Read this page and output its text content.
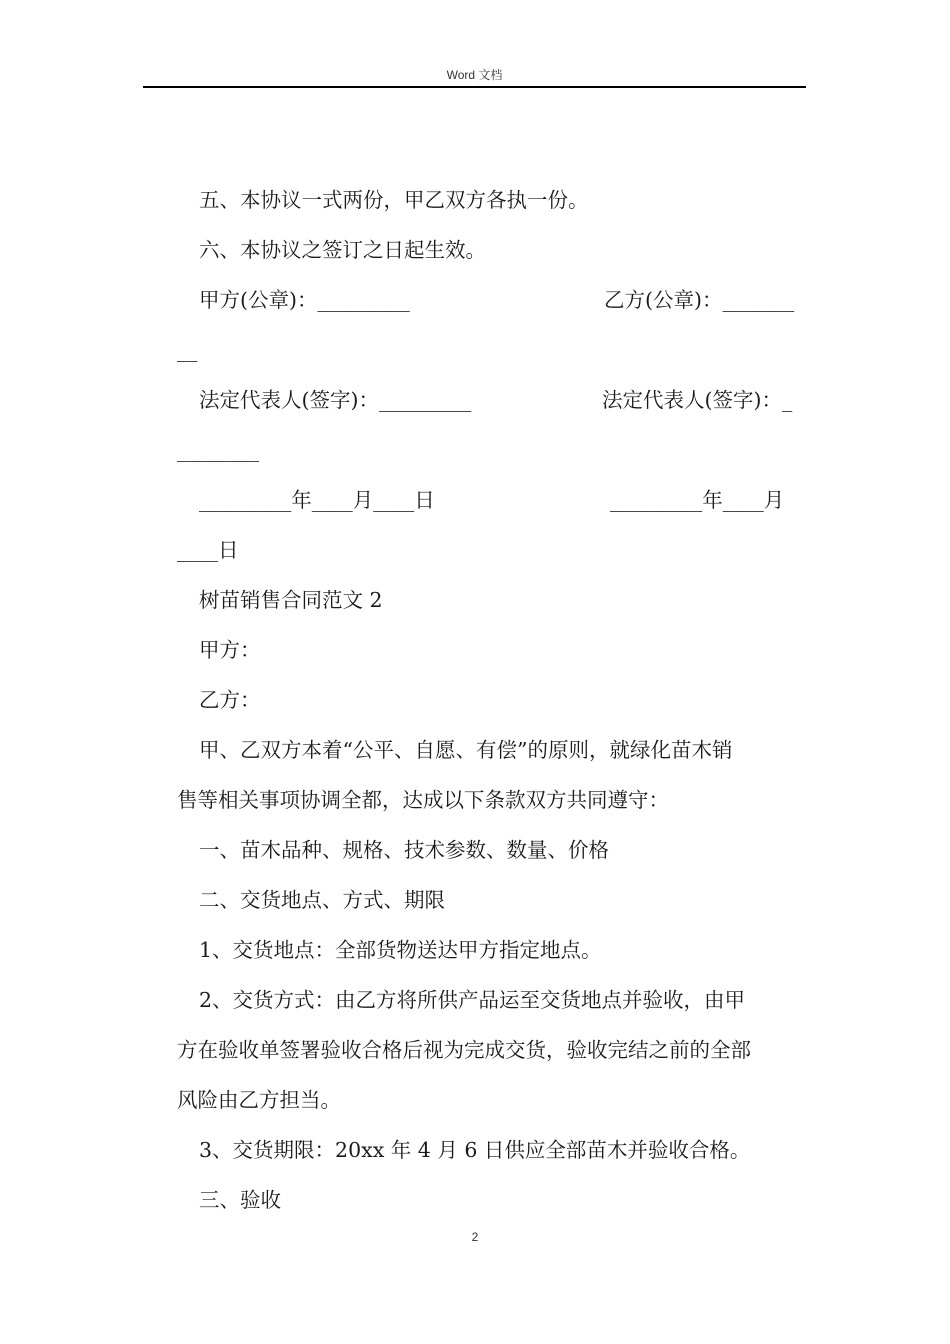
Word 文档
五、本协议一式两份，甲乙双方各执一份。
六、本协议之签订之日起生效。
甲方(公章)：_________	乙方(公章)：_______
__
法定代表人(签字)：_________	法定代表人(签字)：_
________
_________年____月____日	_________年____月
____日
树苗销售合同范文 2
甲方：
乙方：
甲、乙双方本着“公平、自愿、有偿”的原则，就绿化苗木销
售等相关事项协调全都，达成以下条款双方共同遵守：
一、苗木品种、规格、技术参数、数量、价格
二、交货地点、方式、期限
1、交货地点：全部货物送达甲方指定地点。
2、交货方式：由乙方将所供产品运至交货地点并验收，由甲
方在验收单签署验收合格后视为完成交货，验收完结之前的全部
风险由乙方担当。
3、交货期限：20xx 年 4 月 6 日供应全部苗木并验收合格。
三、验收
2
